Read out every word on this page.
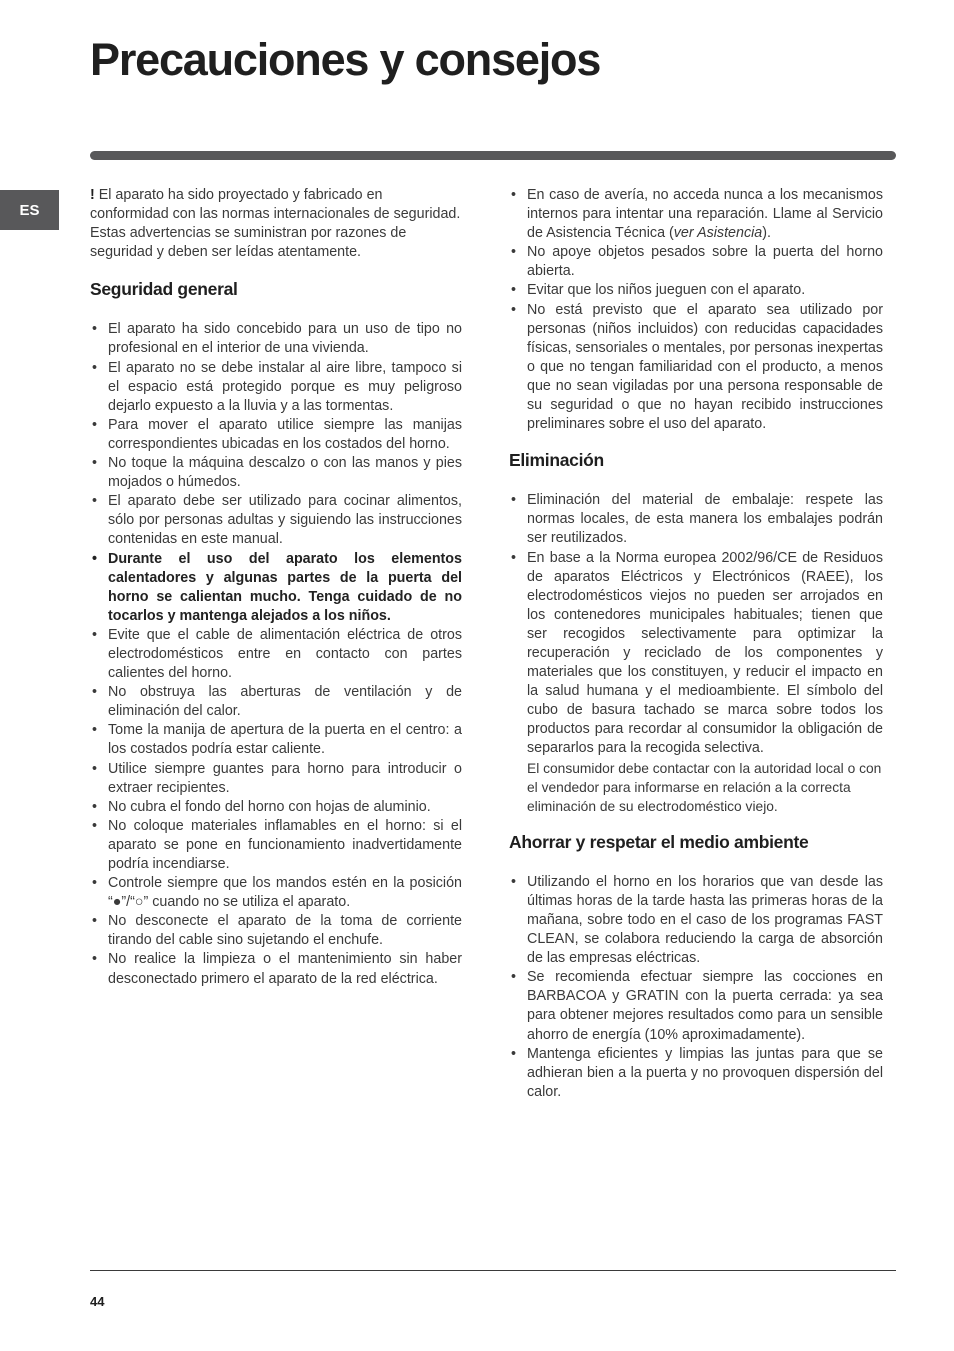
Precauciones y consejos
ES

! El aparato ha sido proyectado y fabricado en conformidad con las normas internacionales de seguridad. Estas advertencias se suministran por razones de seguridad y deben ser leídas atentamente.

Seguridad general
• El aparato ha sido concebido para un uso de tipo no profesional en el interior de una vivienda.
• El aparato no se debe instalar al aire libre, tampoco si el espacio está protegido porque es muy peligroso dejarlo expuesto a la lluvia y a las tormentas.
• Para mover el aparato utilice siempre las manijas correspondientes ubicadas en los costados del horno.
• No toque la máquina descalzo o con las manos y pies mojados o húmedos.
• El aparato debe ser utilizado para cocinar alimentos, sólo por personas adultas y siguiendo las instrucciones contenidas en este manual.
• Durante el uso del aparato los elementos calentadores y algunas partes de la puerta del horno se calientan mucho. Tenga cuidado de no tocarlos y mantenga alejados a los niños.
• Evite que el cable de alimentación eléctrica de otros electrodomésticos entre en contacto con partes calientes del horno.
• No obstruya las aberturas de ventilación y de eliminación del calor.
• Tome la manija de apertura de la puerta en el centro: a los costados podría estar caliente.
• Utilice siempre guantes para horno para introducir o extraer recipientes.
• No cubra el fondo del horno con hojas de aluminio.
• No coloque materiales inflamables en el horno: si el aparato se pone en funcionamiento inadvertidamente podría incendiarse.
• Controle siempre que los mandos estén en la posición “●”/“○” cuando no se utiliza el aparato.
• No desconecte el aparato de la toma de corriente tirando del cable sino sujetando el enchufe.
• No realice la limpieza o el mantenimiento sin haber desconectado primero el aparato de la red eléctrica.
• En caso de avería, no acceda nunca a los mecanismos internos para intentar una reparación. Llame al Servicio de Asistencia Técnica (ver Asistencia).
• No apoye objetos pesados sobre la puerta del horno abierta.
• Evitar que los niños jueguen con el aparato.
• No está previsto que el aparato sea utilizado por personas (niños incluidos) con reducidas capacidades físicas, sensoriales o mentales, por personas inexpertas o que no tengan familiaridad con el producto, a menos que no sean vigiladas por una persona responsable de su seguridad o que no hayan recibido instrucciones preliminares sobre el uso del aparato.
Eliminación
• Eliminación del material de embalaje: respete las normas locales, de esta manera los embalajes podrán ser reutilizados.
• En base a la Norma europea 2002/96/CE de Residuos de aparatos Eléctricos y Electrónicos (RAEE), los electrodomésticos viejos no pueden ser arrojados en los contenedores municipales habituales; tienen que ser recogidos selectivamente para optimizar la recuperación y reciclado de los componentes y materiales que los constituyen, y reducir el impacto en la salud humana y el medioambiente. El símbolo del cubo de basura tachado se marca sobre todos los productos para recordar al consumidor la obligación de separarlos para la recogida selectiva.
El consumidor debe contactar con la autoridad local o con el vendedor para informarse en relación a la correcta eliminación de su electrodoméstico viejo.
Ahorrar y respetar el medio ambiente
• Utilizando el horno en los horarios que van desde las últimas horas de la tarde hasta las primeras horas de la mañana, sobre todo en el caso de los programas FAST CLEAN, se colabora reduciendo la carga de absorción de las empresas eléctricas.
• Se recomienda efectuar siempre las cocciones en BARBACOA y GRATIN con la puerta cerrada: ya sea para obtener mejores resultados como para un sensible ahorro de energía (10% aproximadamente).
• Mantenga eficientes y limpias las juntas para que se adhieran bien a la puerta y no provoquen dispersión del calor.
44
